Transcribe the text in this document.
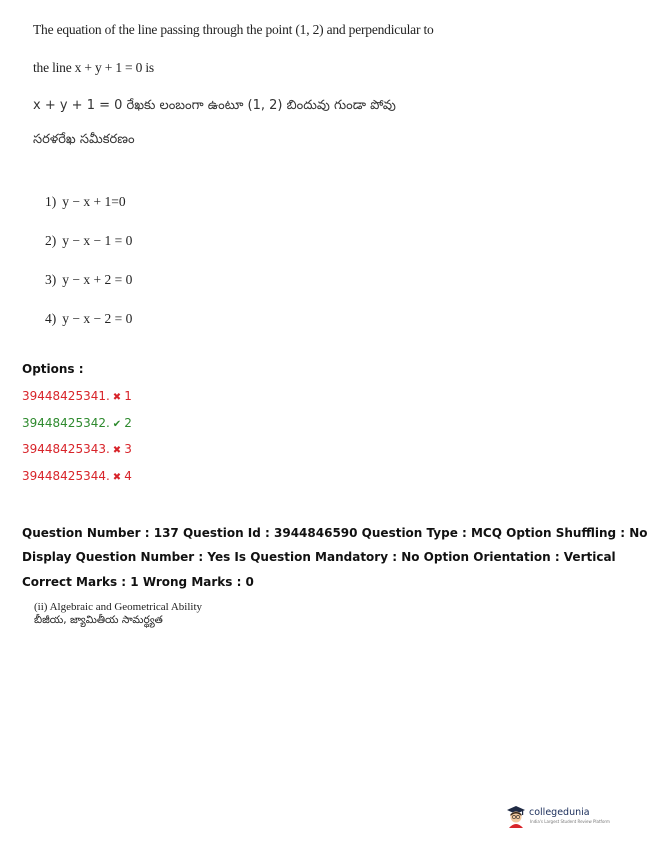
The equation of the line passing through the point (1, 2) and perpendicular to
the line x + y + 1 = 0 is
x + y + 1 = 0 రేఖకు లంబంగా ఉంటూ (1, 2) బిందువు గుండా పోవు
సరళరేఖ సమీకరణం
1) y − x + 1=0
2) y − x − 1 = 0
3) y − x + 2 = 0
4) y − x − 2 = 0
Options :
39448425341. ✖ 1
39448425342. ✔ 2
39448425343. ✖ 3
39448425344. ✖ 4
Question Number : 137 Question Id : 3944846590 Question Type : MCQ Option Shuffling : No
Display Question Number : Yes Is Question Mandatory : No Option Orientation : Vertical
Correct Marks : 1 Wrong Marks : 0
(ii) Algebraic and Geometrical Ability
బీజీయ, జ్యామితీయ సామర్థ్యత
collegedunia
India's Largest Student Review Platform
